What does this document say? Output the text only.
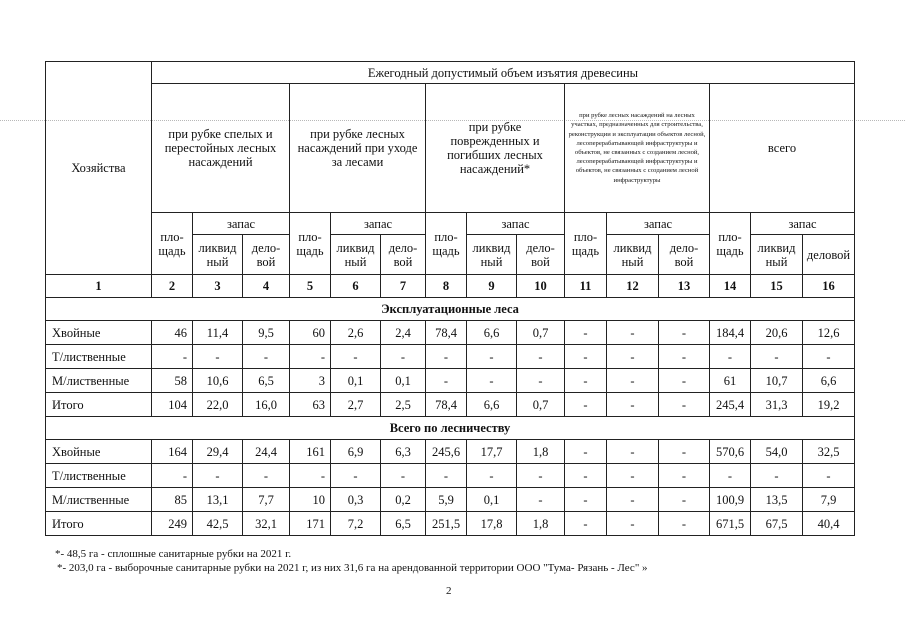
Хозяйства	Ежегодный допустимый объем изъятия древесины														
	при рубке спелых и перестойных лесных насаждений			при рубке лесных насаждений при уходе за лесами			при рубке поврежденных и погибших лесных насаждений*			при рубке лесных насаждений на лесных участках, предназначенных для строительства, реконструкции и эксплуатации объектов лесной, лесоперерабатывающей инфраструктуры и объектов, не связанных с созданием лесной, лесоперерабатывающей инфраструктуры и объектов, не связанных с созданием лесной инфраструктуры			всего		
	пло-щадь	запас		пло-щадь	запас		пло-щадь	запас		пло-щадь	запас		пло-щадь	запас	
		ликвид ный	дело-вой		ликвид ный	дело-вой		ликвид ный	дело-вой		ликвид ный	дело-вой		ликвид ный	деловой
1	2	3	4	5	6	7	8	9	10	11	12	13	14	15	16
Эксплуатационные леса															
Хвойные	46	11,4	9,5	60	2,6	2,4	78,4	6,6	0,7	-	-	-	184,4	20,6	12,6
Т/лиственные	-	-	-	-	-	-	-	-	-	-	-	-	-	-	-
М/лиственные	58	10,6	6,5	3	0,1	0,1	-	-	-	-	-	-	61	10,7	6,6
Итого	104	22,0	16,0	63	2,7	2,5	78,4	6,6	0,7	-	-	-	245,4	31,3	19,2
Всего по лесничеству															
Хвойные	164	29,4	24,4	161	6,9	6,3	245,6	17,7	1,8	-	-	-	570,6	54,0	32,5
Т/лиственные	-	-	-	-	-	-	-	-	-	-	-	-	-	-	-
М/лиственные	85	13,1	7,7	10	0,3	0,2	5,9	0,1	-	-	-	-	100,9	13,5	7,9
Итого	249	42,5	32,1	171	7,2	6,5	251,5	17,8	1,8	-	-	-	671,5	67,5	40,4
*- 48,5 га - сплошные санитарные рубки на 2021 г.
*- 203,0 га - выборочные санитарные рубки на 2021 г, из них 31,6 га на арендованной территории ООО "Тума- Рязань - Лес" »
2
